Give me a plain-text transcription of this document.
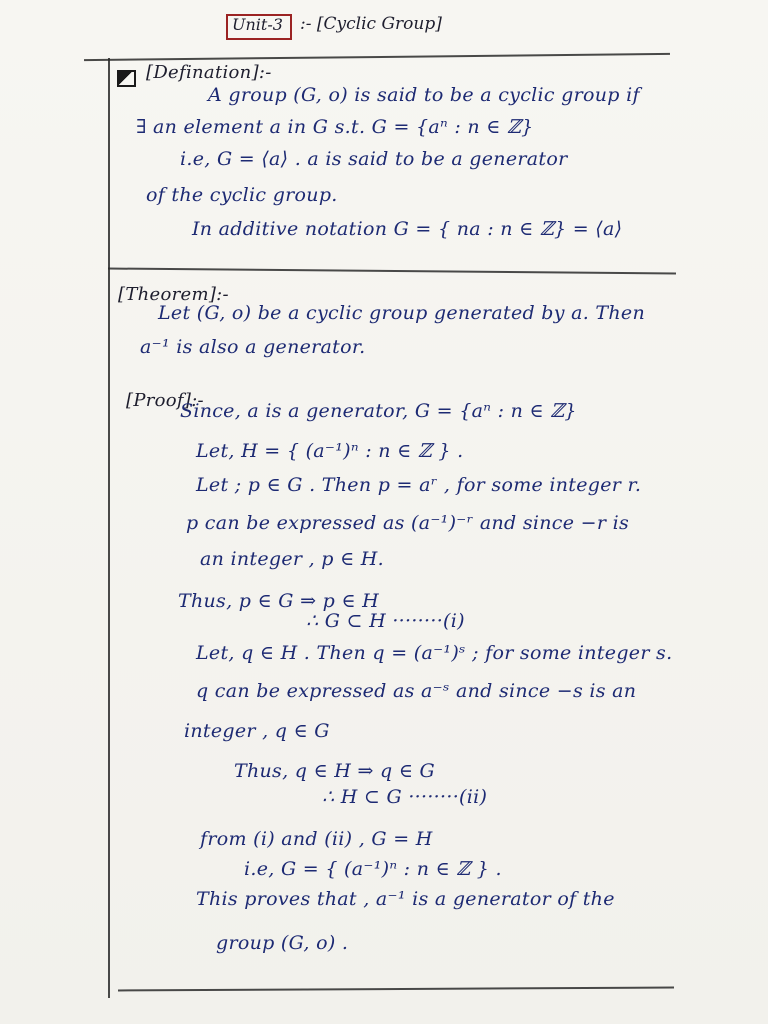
Unit-3 :- [Cyclic Group]
[Defination]:-
A group (G, o) is said to be a cyclic group if
∃ an element a in G s.t. G = {aⁿ : n ∈ ℤ}
i.e, G = ⟨a⟩ . a is said to be a generator
of the cyclic group.
In additive notation G = { na : n ∈ ℤ} = ⟨a⟩
[Theorem]:-
Let (G, o) be a cyclic group generated by a. Then
a⁻¹ is also a generator.
[Proof]:-
Since, a is a generator, G = {aⁿ : n ∈ ℤ}
Let, H = { (a⁻¹)ⁿ : n ∈ ℤ } .
Let ; p ∈ G . Then p = aʳ , for some integer r.
p can be expressed as (a⁻¹)⁻ʳ and since −r is
an integer , p ∈ H.
Thus, p ∈ G ⇒ p ∈ H
∴ G ⊂ H ········(i)
Let, q ∈ H . Then q = (a⁻¹)ˢ ; for some integer s.
q can be expressed as a⁻ˢ and since −s is an
integer , q ∈ G
Thus, q ∈ H ⇒ q ∈ G
∴ H ⊂ G ········(ii)
from (i) and (ii) , G = H
i.e, G = { (a⁻¹)ⁿ : n ∈ ℤ } .
This proves that , a⁻¹ is a generator of the
group (G, o) .
